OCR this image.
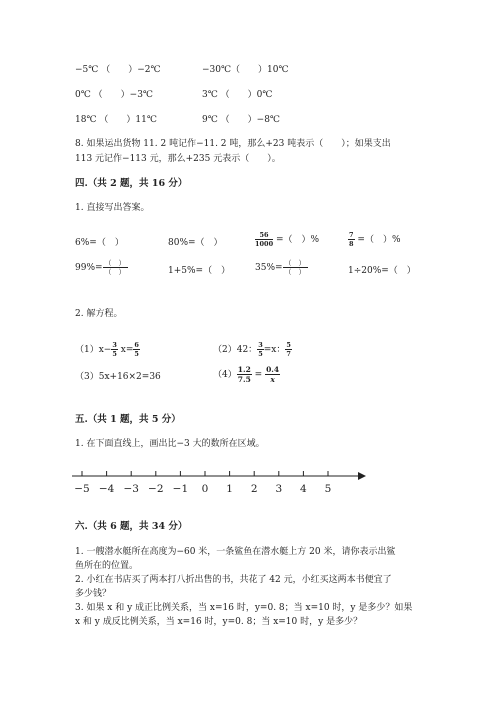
−5℃ （　　）−2℃	−30℃（　　）10℃
0℃ （　　）−3℃	3℃ （　　）0℃
18℃ （　　）11℃	9℃ （　　）−8℃
8. 如果运出货物 11. 2 吨记作−11. 2 吨，那么+23 吨表示（　　）；如果支出
113 元记作−113 元，那么+235 元表示（　　）。
四.（共 2 题，共 16 分）
1. 直接写出答案。
6%=（　）	80%=（　）	$\frac{56}{1000}$ =（　）%	$\frac{7}{8}$ =（　）%
$99\%= \frac{( )}{( )}$	1+5%=（　）	$35\%= \frac{( )}{( )}$	1÷20%=（　）
2. 解方程。
$(1)x- \frac{3}{5} x= \frac{6}{5}$	（2）42： $\frac{3}{5} =x$： $\frac{5}{7}$
（3）5x+16×2=36	$(4) \frac{1.2}{7.5} = \frac{0.4}{x}$
五.（共 1 题，共 5 分）
1. 在下面直线上，画出比−3 大的数所在区域。
−5 −4 −3 −2 −1 0 1 2 3 4 5
六.（共 6 题，共 34 分）
1. 一艘潜水艇所在高度为−60 米，一条鲨鱼在潜水艇上方 20 米，请你表示出鲨
鱼所在的位置。
2. 小红在书店买了两本打八折出售的书，共花了 42 元，小红买这两本书便宜了
多少钱？
3. 如果 x 和 y 成正比例关系，当 x=16 时，y=0. 8；当 x=10 时，y 是多少？如果
x 和 y 成反比例关系，当 x=16 时，y=0. 8；当 x=10 时，y 是多少？
